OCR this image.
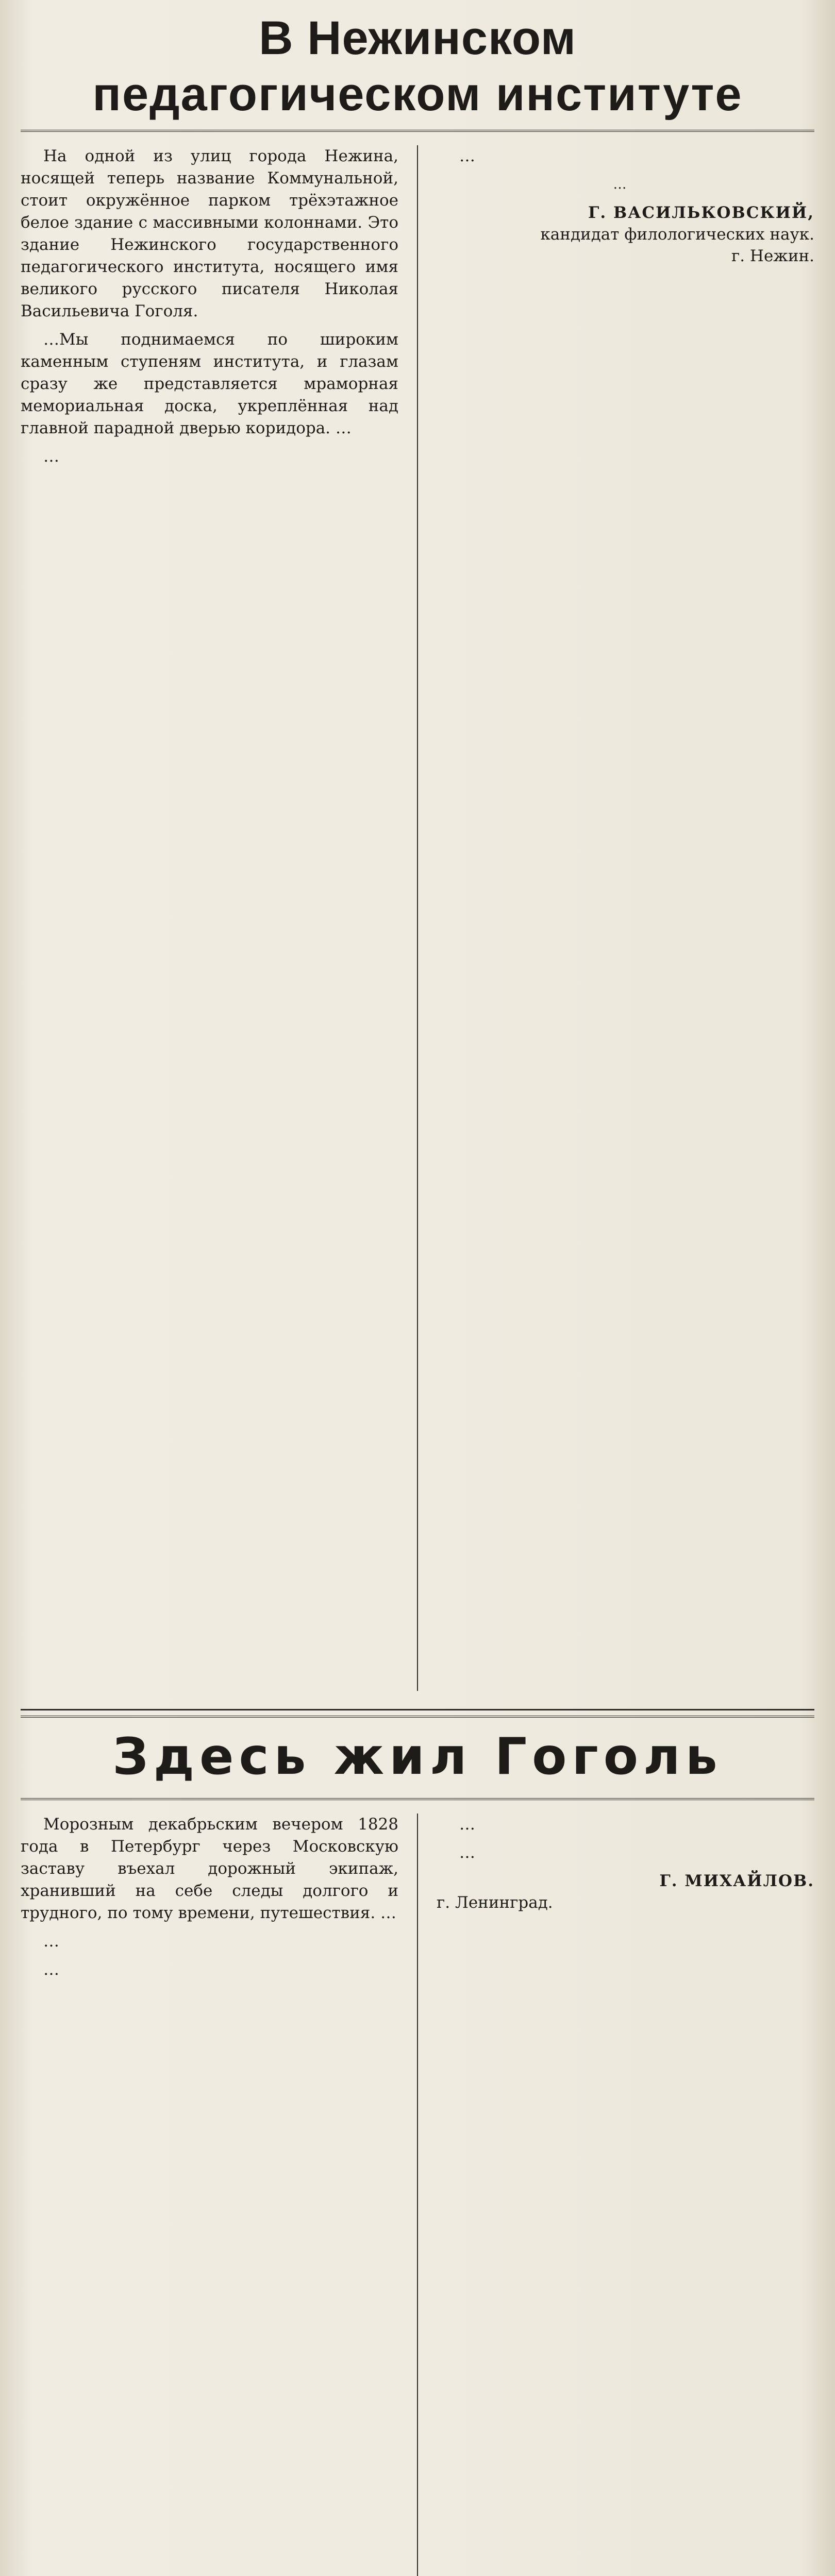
В Нежинском
педагогическом институте

На одной из улиц города Нежина, носящей теперь название Коммунальной, стоит окружённое парком трёхэтажное белое здание с массивными колоннами. Это здание Нежинского государственного педагогического института, носящего имя великого русского писателя Николая Васильевича Гоголя.

…Мы поднимаемся по широким каменным ступеням института, и глазам сразу же представляется мраморная мемориальная доска, укреплённая над главной парадной дверью коридора. …

…

…

…

Г. ВАСИЛЬКОВСКИЙ,
кандидат филологических наук.
г. Нежин.
Здесь жил Гоголь

Морозным декабрьским вечером 1828 года в Петербург через Московскую заставу въехал дорожный экипаж, хранивший на себе следы долгого и трудного, по тому времени, путешествия. …

…

…

…

…

Г. МИХАЙЛОВ.
г. Ленинград.
